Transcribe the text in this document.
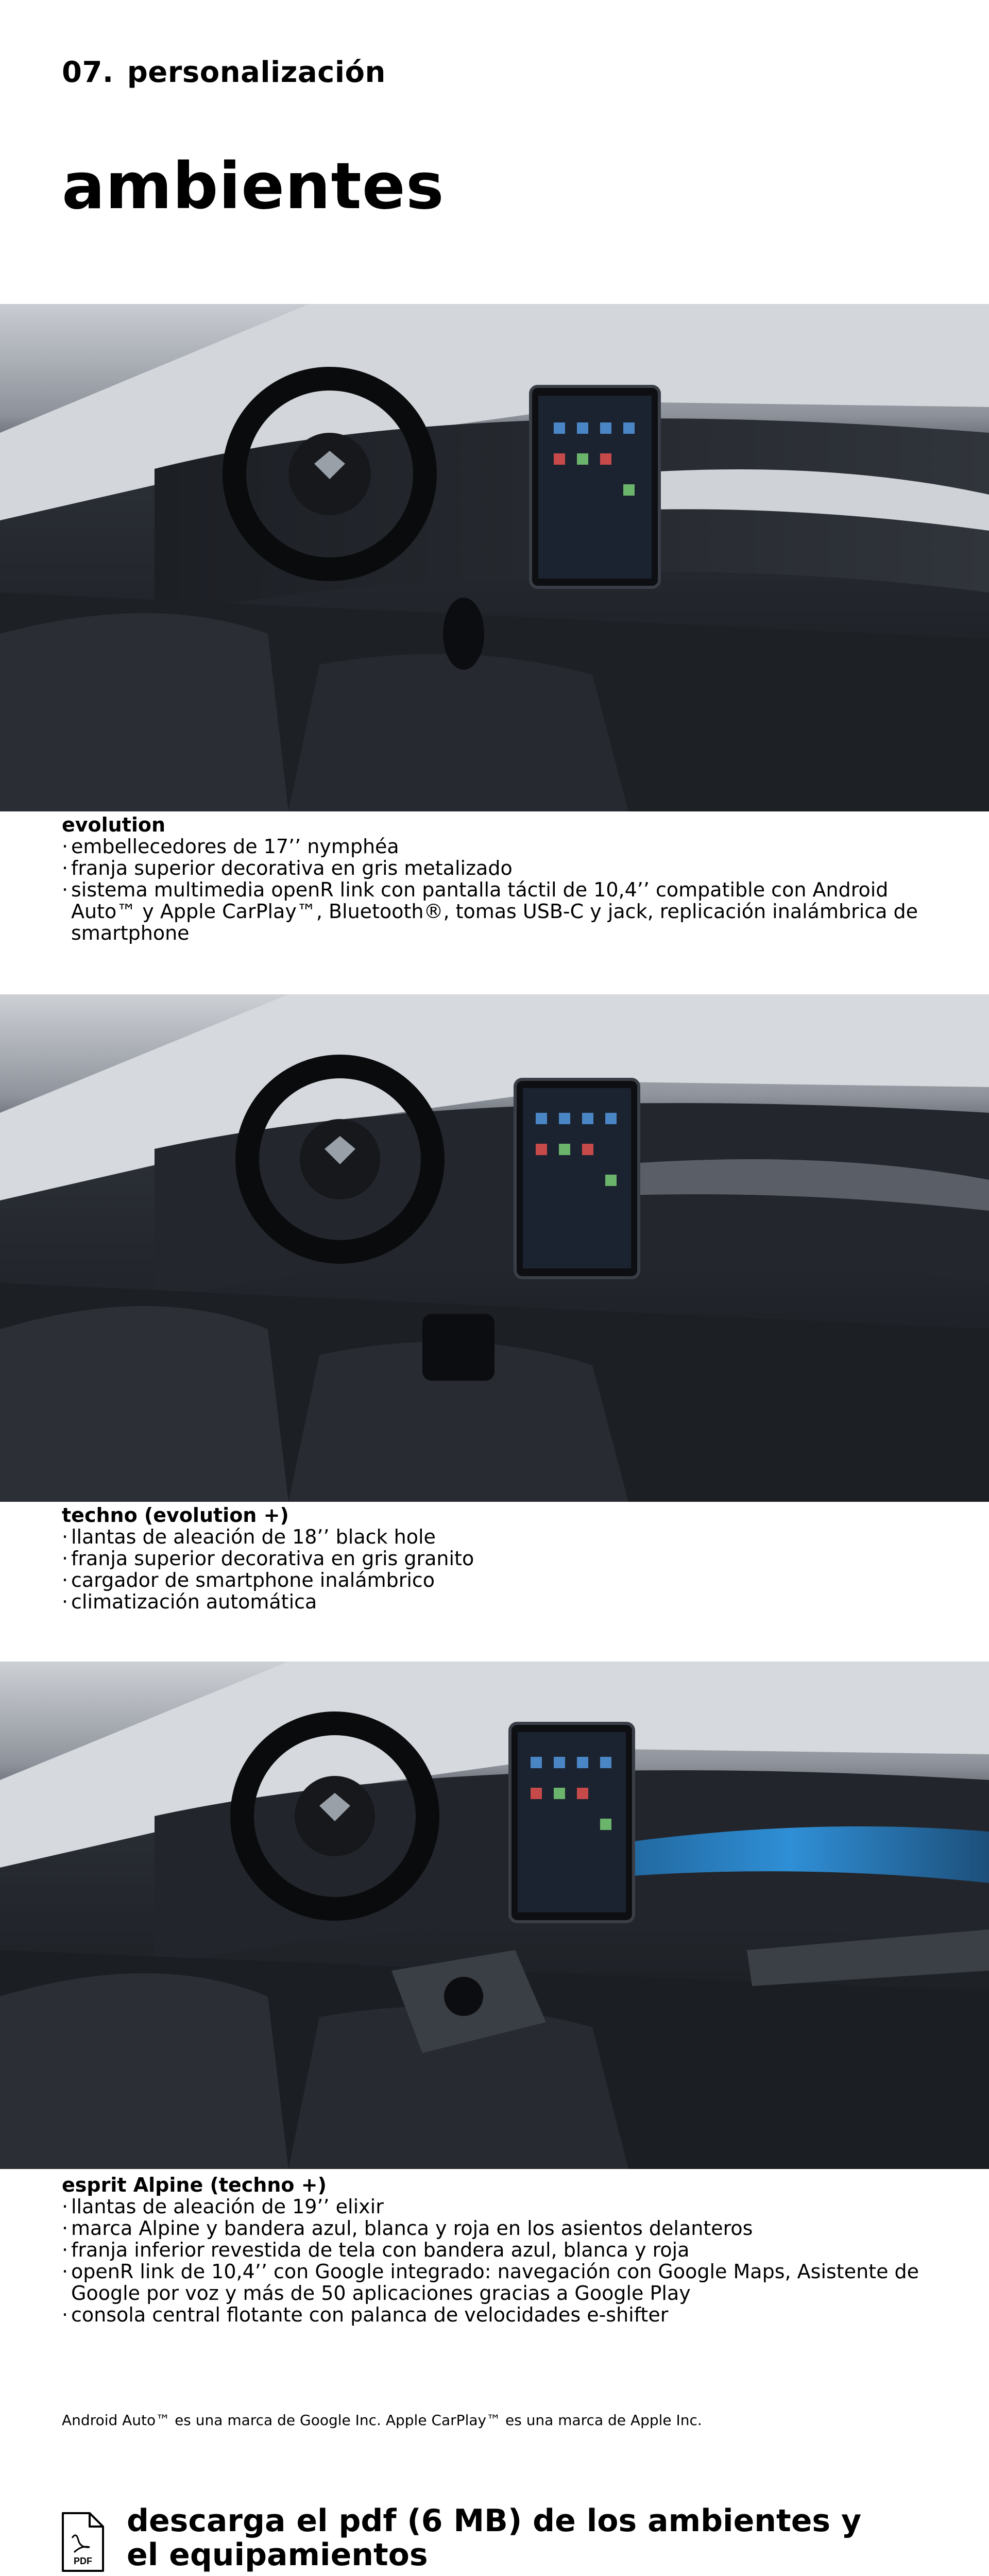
07. personalización
ambientes
evolution
· embellecedores de 17’’ nymphéa
· franja superior decorativa en gris metalizado
· sistema multimedia openR link con pantalla táctil de 10,4’’ compatible con Android Auto™ y Apple CarPlay™, Bluetooth®, tomas USB-C y jack, replicación inalámbrica de smartphone
techno (evolution +)
· llantas de aleación de 18’’ black hole
· franja superior decorativa en gris granito
· cargador de smartphone inalámbrico
· climatización automática
esprit Alpine (techno +)
· llantas de aleación de 19’’ elixir
· marca Alpine y bandera azul, blanca y roja en los asientos delanteros
· franja inferior revestida de tela con bandera azul, blanca y roja
· openR link de 10,4’’ con Google integrado: navegación con Google Maps, Asistente de Google por voz y más de 50 aplicaciones gracias a Google Play
· consola central flotante con palanca de velocidades e-shifter

Android Auto™ es una marca de Google Inc. Apple CarPlay™ es una marca de Apple Inc.

PDF
descarga el pdf (6 MB) de los ambientes y el equipamientos
